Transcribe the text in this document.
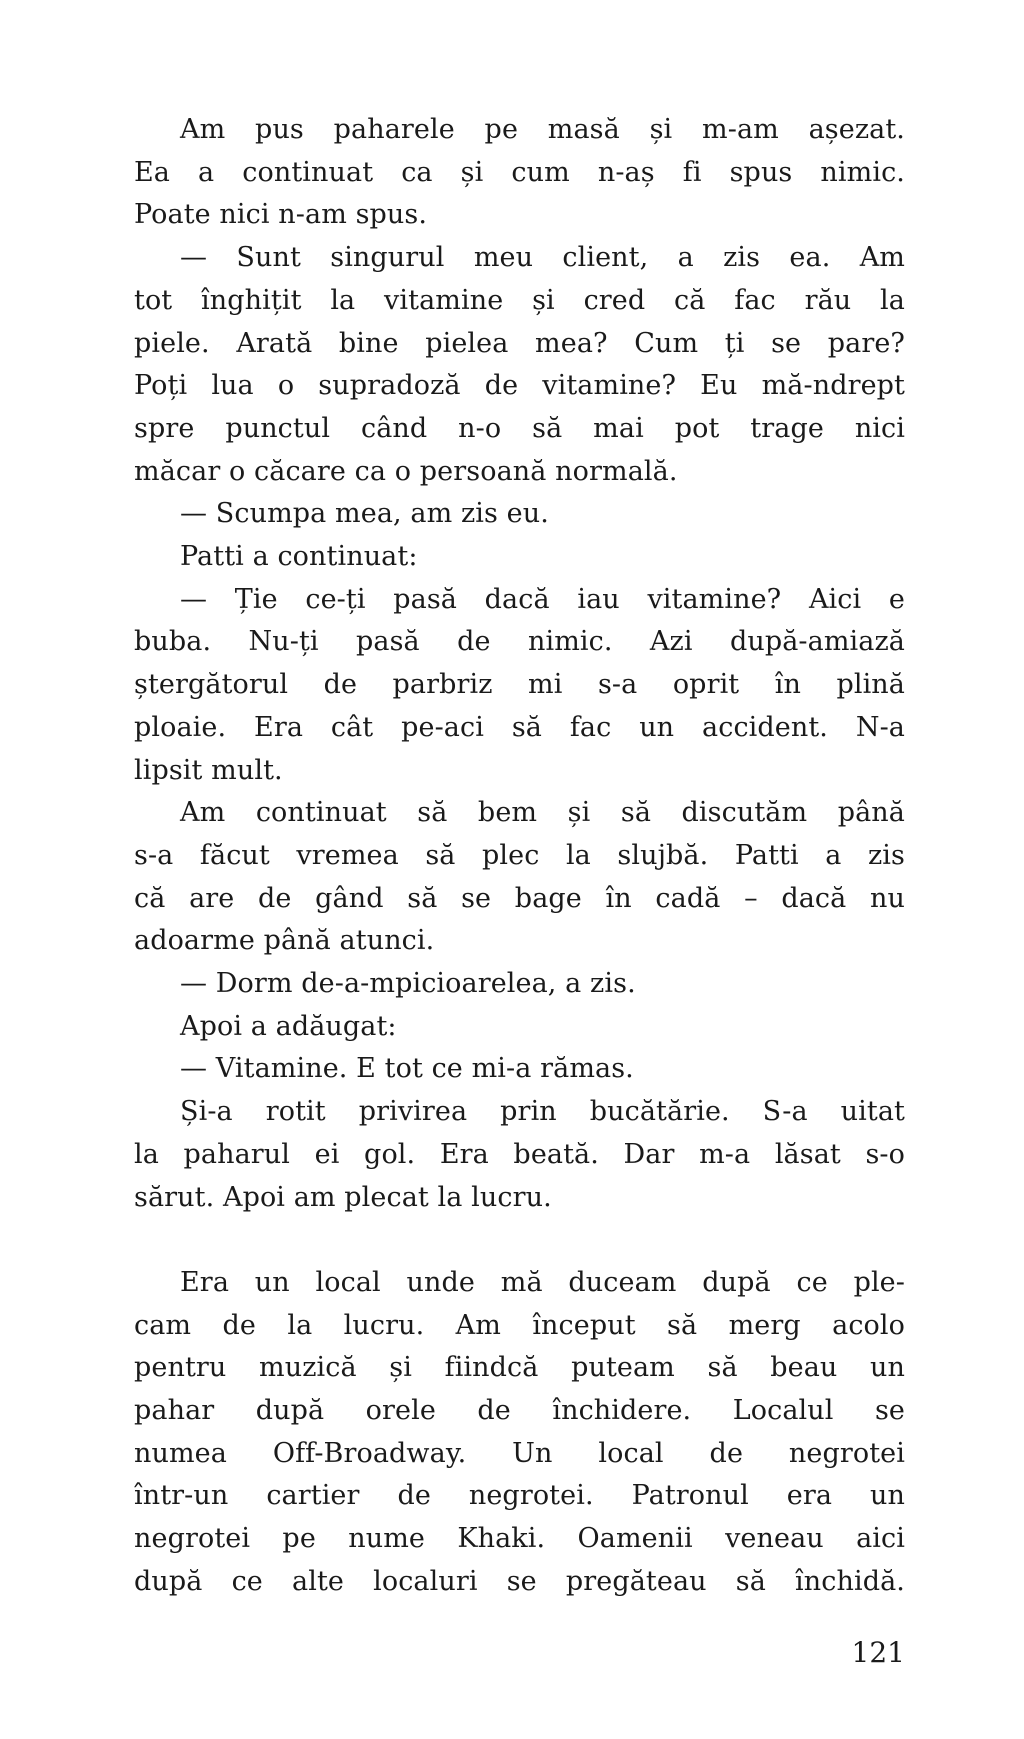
Am pus paharele pe masă și m-am așezat.
Ea a continuat ca și cum n-aș fi spus nimic.
Poate nici n-am spus.
— Sunt singurul meu client, a zis ea. Am
tot înghițit la vitamine și cred că fac rău la
piele. Arată bine pielea mea? Cum ți se pare?
Poți lua o supradoză de vitamine? Eu mă-ndrept
spre punctul când n-o să mai pot trage nici
măcar o căcare ca o persoană normală.
— Scumpa mea, am zis eu.
Patti a continuat:
— Ție ce-ți pasă dacă iau vitamine? Aici e
buba. Nu-ți pasă de nimic. Azi după-amiază
ștergătorul de parbriz mi s-a oprit în plină
ploaie. Era cât pe-aci să fac un accident. N-a
lipsit mult.
Am continuat să bem și să discutăm până
s-a făcut vremea să plec la slujbă. Patti a zis
că are de gând să se bage în cadă – dacă nu
adoarme până atunci.
— Dorm de-a-mpicioarelea, a zis.
Apoi a adăugat:
— Vitamine. E tot ce mi-a rămas.
Și-a rotit privirea prin bucătărie. S-a uitat
la paharul ei gol. Era beată. Dar m-a lăsat s-o
sărut. Apoi am plecat la lucru.
Era un local unde mă duceam după ce ple-
cam de la lucru. Am început să merg acolo
pentru muzică și fiindcă puteam să beau un
pahar după orele de închidere. Localul se
numea Off-Broadway. Un local de negrotei
într-un cartier de negrotei. Patronul era un
negrotei pe nume Khaki. Oamenii veneau aici
după ce alte localuri se pregăteau să închidă.
121
